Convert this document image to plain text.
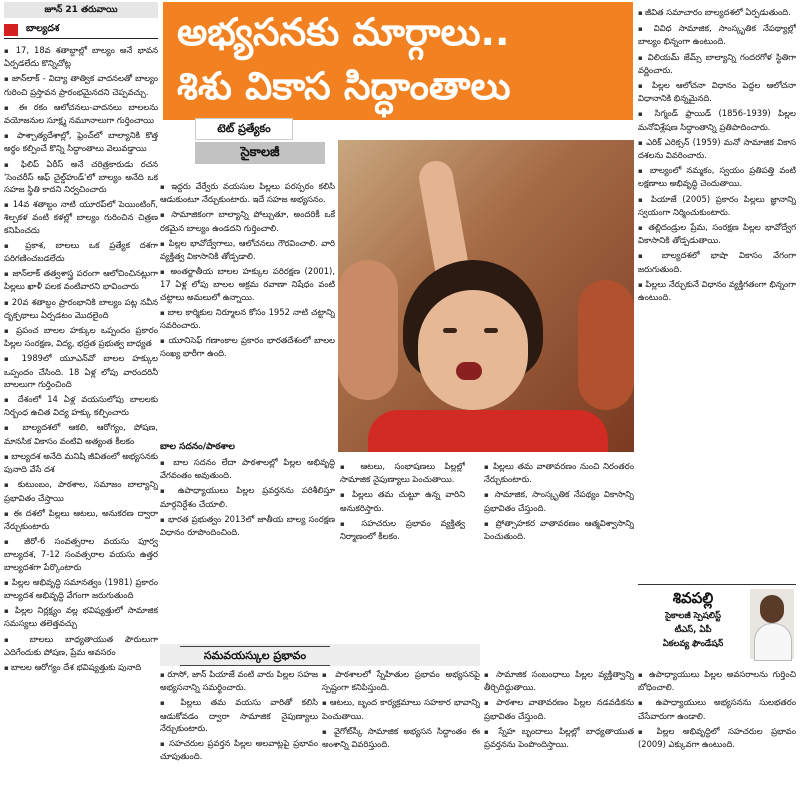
జూన్ 21 తరువాయి
బాల్యదశ

▪ 17, 18వ శతాబ్దాల్లో బాల్యం అనే భావన ఏర్పడలేదు కొన్నిచోట్ల

▪ జాన్‌లాక్ - విద్యా తాత్విక వాదనలతో బాల్యం గురించి ప్రస్తావన ప్రారంభమైనదని చెప్పవచ్చు.

▪ ఈ రకం ఆలోచనలు-వాదనలు బాలలను వయోజనుల సూక్ష్మ నమూనాలుగా గుర్తించాయి

▪ పాశ్చాత్యదేశాల్లో, ఫ్రెంచ్‌లో బాల్యానికి కొత్త అర్థం కల్పించే కొన్ని సిద్ధాంతాలు వెలువడ్డాయి

▪ ఫిలిప్ ఏరీస్ అనే చరిత్రకారుడు రచన 'సెంచరీస్ ఆఫ్ చైల్డ్‌హుడ్'లో బాల్యం అనేది ఒక సహజ స్థితి కాదని నిర్వచించారు

▪ 14వ శతాబ్దం నాటి యూరప్‌లో పెయింటింగ్, శిల్పకళ వంటి కళల్లో బాల్యం గురించిన చిత్రణ కనిపించదు

▪ ప్రకాశ, బాలలు ఒక ప్రత్యేక దశగా పరిగణించబడలేదు

▪ జాన్‌లాక్ తత్వశాస్త్ర పరంగా ఆలోచించినట్లుగా పిల్లలు ఖాళీ పలక వంటివారని భావించారు

▪ 20వ శతాబ్దం ప్రారంభానికి బాల్యం పట్ల నవీన దృక్పథాలు ఏర్పడటం మొదలైంది

▪ ప్రపంచ బాలల హక్కుల ఒప్పందం ప్రకారం పిల్లల సంరక్షణ, విద్య, భద్రత ప్రభుత్వ బాధ్యత

▪ 1989లో యూఎన్‌వో బాలల హక్కుల ఒప్పందం చేసింది. 18 ఏళ్ల లోపు వారందరినీ బాలలుగా గుర్తించింది

▪ దేశంలో 14 ఏళ్ల వయసులోపు బాలలకు నిర్బంధ ఉచిత విద్య హక్కు కల్పించారు

▪ బాల్యదశలో ఆకలి, ఆరోగ్యం, పోషణ, మానసిక వికాసం వంటివి అత్యంత కీలకం

▪ బాల్యదశ అనేది మనిషి జీవితంలో అభ్యసనకు పునాది వేసే దశ

▪ కుటుంబం, పాఠశాల, సమాజం బాల్యాన్ని ప్రభావితం చేస్తాయి

▪ ఈ దశలో పిల్లలు ఆటలు, అనుకరణ ద్వారా నేర్చుకుంటారు

▪ జీరో-6 సంవత్సరాల వయసు పూర్వ బాల్యదశ, 7-12 సంవత్సరాల వయసు ఉత్తర బాల్యదశగా పేర్కొంటారు

▪ పిల్లల అభివృద్ధి సమానత్వం (1981) ప్రకారం బాల్యదశ అభివృద్ధి వేగంగా జరుగుతుంది

▪ పిల్లల నిర్లక్ష్యం వల్ల భవిష్యత్తులో సామాజిక సమస్యలు తలెత్తవచ్చు

▪ బాలలు బాధ్యతాయుత పౌరులుగా ఎదిగేందుకు పోషణ, ప్రేమ అవసరం

▪ బాలల ఆరోగ్యం దేశ భవిష్యత్తుకు పునాది

అభ్యసనకు మార్గాలు..
శిశు వికాస సిద్ధాంతాలు
టెట్ ప్రత్యేకం
సైకాలజీ

▪ ఇద్దరు వేర్వేరు వయసుల పిల్లలు పరస్పరం కలిసి ఆడుకుంటూ నేర్చుకుంటారు. ఇదే సహజ అభ్యసనం.

▪ సామాజికంగా బాల్యాన్ని పోల్చుతూ, అందరికీ ఒకే రకమైన బాల్యం ఉండదని గుర్తించాలి.

▪ పిల్లల భావోద్వేగాలు, ఆలోచనలు గౌరవించాలి. వారి వ్యక్తిత్వ వికాసానికి తోడ్పడాలి.

▪ అంతర్జాతీయ బాలల హక్కుల పరిరక్షణ (2001), 17 ఏళ్ల లోపు బాలల అక్రమ రవాణా నిషేధం వంటి చట్టాలు అమలులో ఉన్నాయి.

▪ బాల కార్మికుల నిర్మూలన కోసం 1952 నాటి చట్టాన్ని సవరించారు.

▪ యూనిసెఫ్ గణాంకాల ప్రకారం భారతదేశంలో బాలల సంఖ్య భారీగా ఉంది.

బాల సదనం/పాఠశాల

▪ బాల సదనం లేదా పాఠశాలల్లో పిల్లల అభివృద్ధి వేగవంతం అవుతుంది.

▪ ఉపాధ్యాయులు పిల్లల ప్రవర్తనను పరిశీలిస్తూ మార్గనిర్దేశం చేయాలి.

▪ భారత ప్రభుత్వం 2013లో జాతీయ బాల్య సంరక్షణ విధానం రూపొందించింది.

▪ ఆటలు, సంభాషణలు పిల్లల్లో సామాజిక నైపుణ్యాలు పెంచుతాయి.

▪ పిల్లలు తమ చుట్టూ ఉన్న వారిని అనుకరిస్తారు.

▪ సహచరుల ప్రభావం వ్యక్తిత్వ నిర్మాణంలో కీలకం.

▪ పిల్లలు తమ వాతావరణం నుంచి నిరంతరం నేర్చుకుంటారు.

▪ సామాజిక, సాంస్కృతిక నేపథ్యం వికాసాన్ని ప్రభావితం చేస్తుంది.

▪ ప్రోత్సాహకర వాతావరణం ఆత్మవిశ్వాసాన్ని పెంచుతుంది.

▪ జీవిత సమాచారం బాల్యదశలో ఏర్పడుతుంది.

▪ వివిధ సామాజిక, సాంస్కృతిక నేపథ్యాల్లో బాల్యం భిన్నంగా ఉంటుంది.

▪ విలియమ్ జేమ్స్ బాల్యాన్ని గందరగోళ స్థితిగా వర్ణించారు.

▪ పిల్లల ఆలోచనా విధానం పెద్దల ఆలోచనా విధానానికి భిన్నమైనది.

▪ సిగ్మండ్ ఫ్రాయిడ్ (1856-1939) పిల్లల మనోవిశ్లేషణ సిద్ధాంతాన్ని ప్రతిపాదించారు.

▪ ఎరిక్ ఎరిక్సన్ (1959) మనో సామాజిక వికాస దశలను వివరించారు.

▪ బాల్యంలో నమ్మకం, స్వయం ప్రతిపత్తి వంటి లక్షణాలు అభివృద్ధి చెందుతాయి.

▪ పియాజే (2005) ప్రకారం పిల్లలు జ్ఞానాన్ని స్వయంగా నిర్మించుకుంటారు.

▪ తల్లిదండ్రుల ప్రేమ, సంరక్షణ పిల్లల భావోద్వేగ వికాసానికి తోడ్పడుతాయి.

▪ బాల్యదశలో భాషా వికాసం వేగంగా జరుగుతుంది.

▪ పిల్లలు నేర్చుకునే విధానం వ్యక్తిగతంగా భిన్నంగా ఉంటుంది.

శివపల్లి
సైకాలజీ స్పెషలిస్ట్
టీఎస్, ఏపీ
ఏకలవ్య ఫౌండేషన్
సమవయస్కుల ప్రభావం

▪ రూసో, జాన్ పియాజే వంటి వారు పిల్లల సహజ అభ్యసనాన్ని సమర్థించారు.

▪ పిల్లలు తమ వయసు వారితో కలిసి ఆడుకోవడం ద్వారా సామాజిక నైపుణ్యాలు నేర్చుకుంటారు.

▪ సహచరుల ప్రవర్తన పిల్లల అలవాట్లపై ప్రభావం చూపుతుంది.

▪ పాఠశాలలో స్నేహితుల ప్రభావం అభ్యసనపై స్పష్టంగా కనిపిస్తుంది.

▪ ఆటలు, బృంద కార్యక్రమాలు సహకార భావాన్ని పెంచుతాయి.

▪ వైగోట్‌స్కీ సామాజిక అభ్యసన సిద్ధాంతం ఈ అంశాన్ని వివరిస్తుంది.

▪ సామాజిక సంబంధాలు పిల్లల వ్యక్తిత్వాన్ని తీర్చిదిద్దుతాయి.

▪ పాఠశాల వాతావరణం పిల్లల నడవడికను ప్రభావితం చేస్తుంది.

▪ స్నేహ బృందాలు పిల్లల్లో బాధ్యతాయుత ప్రవర్తనను పెంపొందిస్తాయి.

▪ ఉపాధ్యాయులు పిల్లల అవసరాలను గుర్తించి బోధించాలి.

▪ ఉపాధ్యాయులు అభ్యసనను సులభతరం చేసేవారుగా ఉండాలి.

▪ పిల్లల అభివృద్ధిలో సహచరుల ప్రభావం (2009) ఎక్కువగా ఉంటుంది.
